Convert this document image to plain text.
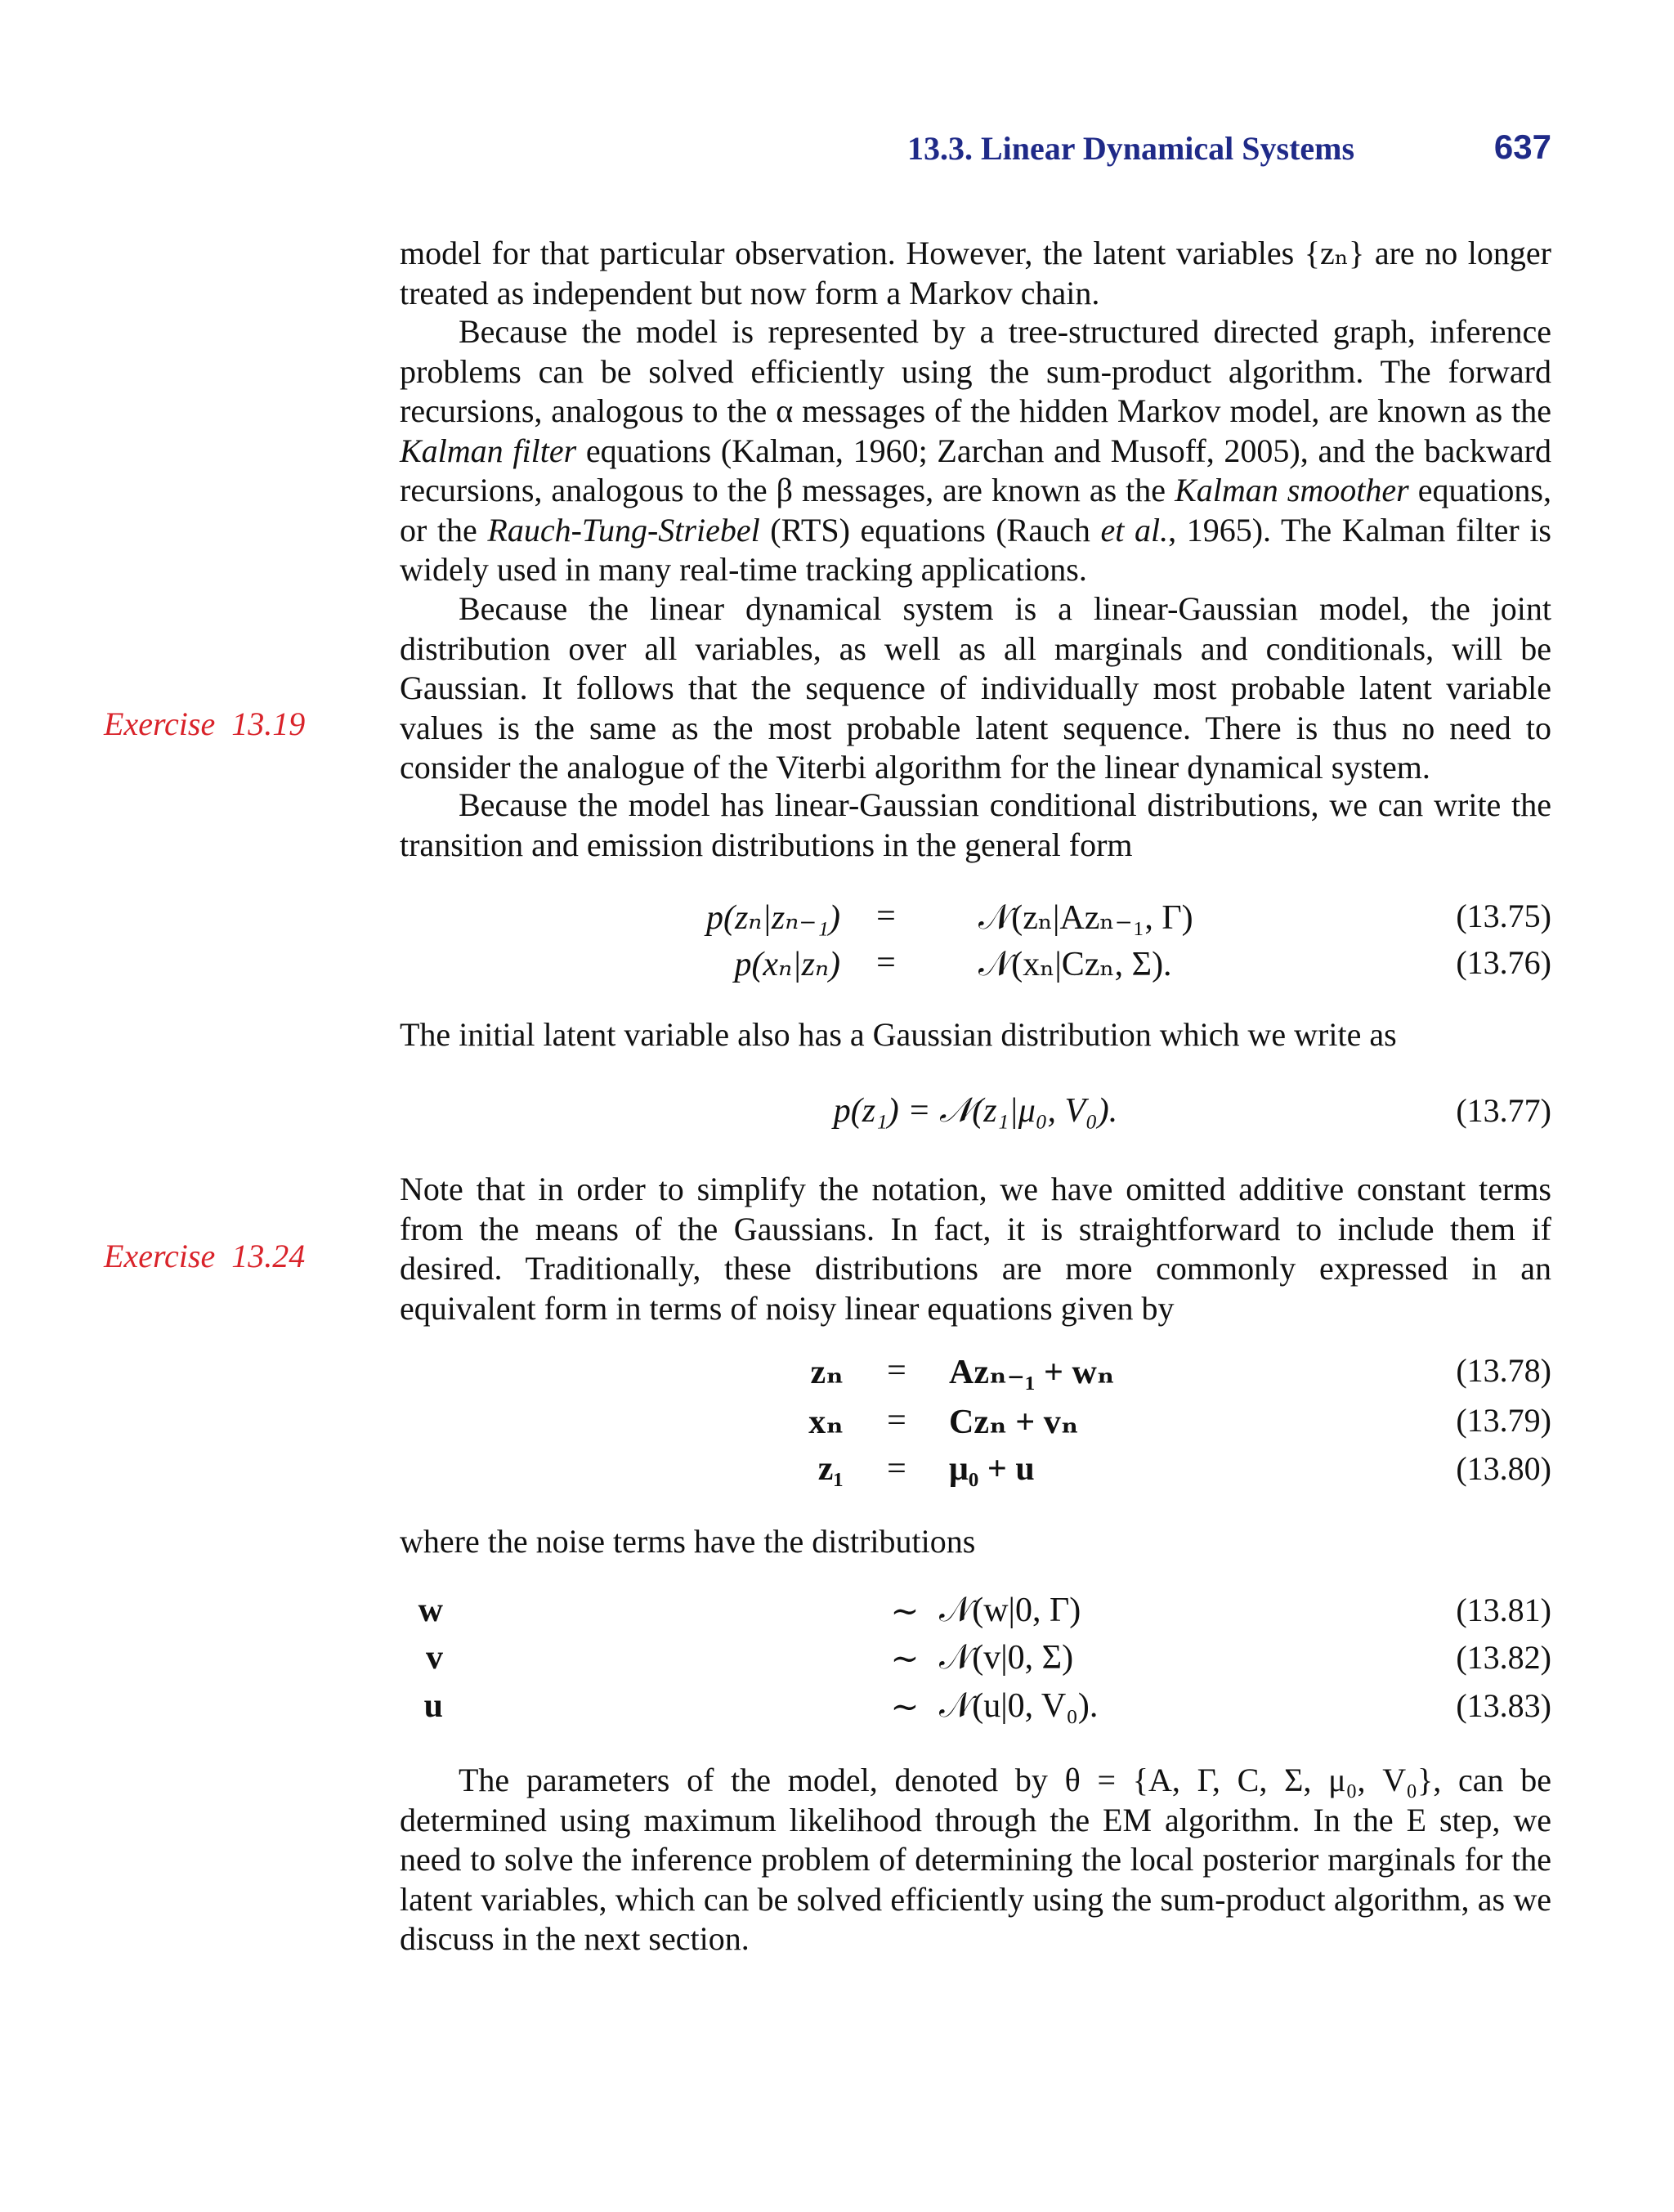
13.3. Linear Dynamical Systems	637
Exercise  13.19
Exercise  13.24

model for that particular observation. However, the latent variables {zₙ} are no longer treated as independent but now form a Markov chain.

Because the model is represented by a tree-structured directed graph, inference problems can be solved efficiently using the sum-product algorithm. The forward recursions, analogous to the α messages of the hidden Markov model, are known as the Kalman filter equations (Kalman, 1960; Zarchan and Musoff, 2005), and the backward recursions, analogous to the β messages, are known as the Kalman smoother equations, or the Rauch-Tung-Striebel (RTS) equations (Rauch et al., 1965). The Kalman filter is widely used in many real-time tracking applications.

Because the linear dynamical system is a linear-Gaussian model, the joint distribution over all variables, as well as all marginals and conditionals, will be Gaussian. It follows that the sequence of individually most probable latent variable values is the same as the most probable latent sequence. There is thus no need to consider the analogue of the Viterbi algorithm for the linear dynamical system.

Because the model has linear-Gaussian conditional distributions, we can write the transition and emission distributions in the general form

p(zₙ|zₙ₋₁)	=	𝒩(zₙ|Azₙ₋₁, Γ)	(13.75)
p(xₙ|zₙ)	=	𝒩(xₙ|Czₙ, Σ).	(13.76)

The initial latent variable also has a Gaussian distribution which we write as

p(z₁) = 𝒩(z₁|μ₀, V₀).	(13.77)

Note that in order to simplify the notation, we have omitted additive constant terms from the means of the Gaussians. In fact, it is straightforward to include them if desired. Traditionally, these distributions are more commonly expressed in an equivalent form in terms of noisy linear equations given by

zₙ	=	Azₙ₋₁ + wₙ	(13.78)
xₙ	=	Czₙ + vₙ	(13.79)
z₁	=	μ₀ + u	(13.80)

where the noise terms have the distributions

w	∼ 𝒩(w|0, Γ)	(13.81)
v	∼ 𝒩(v|0, Σ)	(13.82)
u	∼ 𝒩(u|0, V₀).	(13.83)

The parameters of the model, denoted by θ = {A, Γ, C, Σ, μ₀, V₀}, can be determined using maximum likelihood through the EM algorithm. In the E step, we need to solve the inference problem of determining the local posterior marginals for the latent variables, which can be solved efficiently using the sum-product algorithm, as we discuss in the next section.
